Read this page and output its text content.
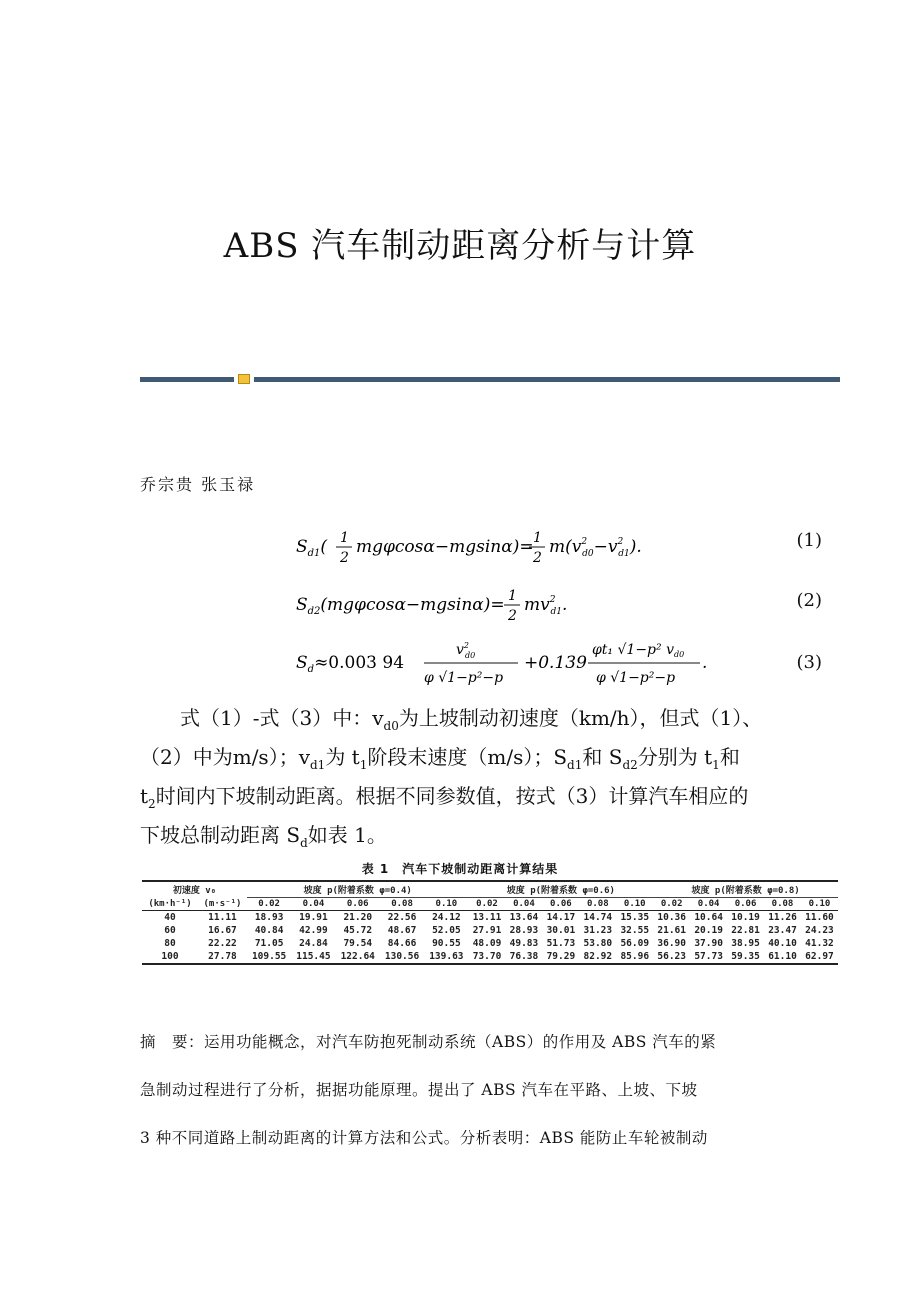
ABS 汽车制动距离分析与计算
乔宗贵 张玉禄
$S_{d1}$( 1
2
mgφcosα−mgsinα)= 1
2
$m(v^2$ $d0-v^2$ d1).	(1)
$S_{d2}(mg\varphi\cos\alpha-mgsin\alpha)= 1$
2
$mv^2$ d1.	(2)
$S_d\approx 0.003$ 94
$v^2$ d0
φ √1−p²−p
+0.139
φt₁ √1−p² $v_{d0}$
φ √1−p²−p
.	(3)
式（1）-式（3）中：$v_{d0}$为上坡制动初速度（km/h），但式（1）、
（2）中为m/s）；$v_{d1}$为 $t_1$阶段末速度（m/s）；$S_{d1}$和 $S_{d2}$分别为 $t_1$和
$t_2$时间内下坡制动距离。根据不同参数值，按式（3）计算汽车相应的
下坡总制动距离 $S_d$如表 1。
表 1　汽车下坡制动距离计算结果
初速度 v₀		坡度 p(附着系数 φ=0.4)					坡度 p(附着系数 φ=0.6)					坡度 p(附着系数 φ=0.8)				
(km·h⁻¹)	(m·s⁻¹)	0.02	0.04	0.06	0.08	0.10	0.02	0.04	0.06	0.08	0.10	0.02	0.04	0.06	0.08	0.10
40	11.11	18.93	19.91	21.20	22.56	24.12	13.11	13.64	14.17	14.74	15.35	10.36	10.64	10.19	11.26	11.60
60	16.67	40.84	42.99	45.72	48.67	52.05	27.91	28.93	30.01	31.23	32.55	21.61	20.19	22.81	23.47	24.23
80	22.22	71.05	24.84	79.54	84.66	90.55	48.09	49.83	51.73	53.80	56.09	36.90	37.90	38.95	40.10	41.32
100	27.78	109.55	115.45	122.64	130.56	139.63	73.70	76.38	79.29	82.92	85.96	56.23	57.73	59.35	61.10	62.97
摘　要：运用功能概念，对汽车防抱死制动系统（ABS）的作用及 ABS 汽车的紧
急制动过程进行了分析，据据功能原理。提出了 ABS 汽车在平路、上坡、下坡
3 种不同道路上制动距离的计算方法和公式。分析表明：ABS 能防止车轮被制动
